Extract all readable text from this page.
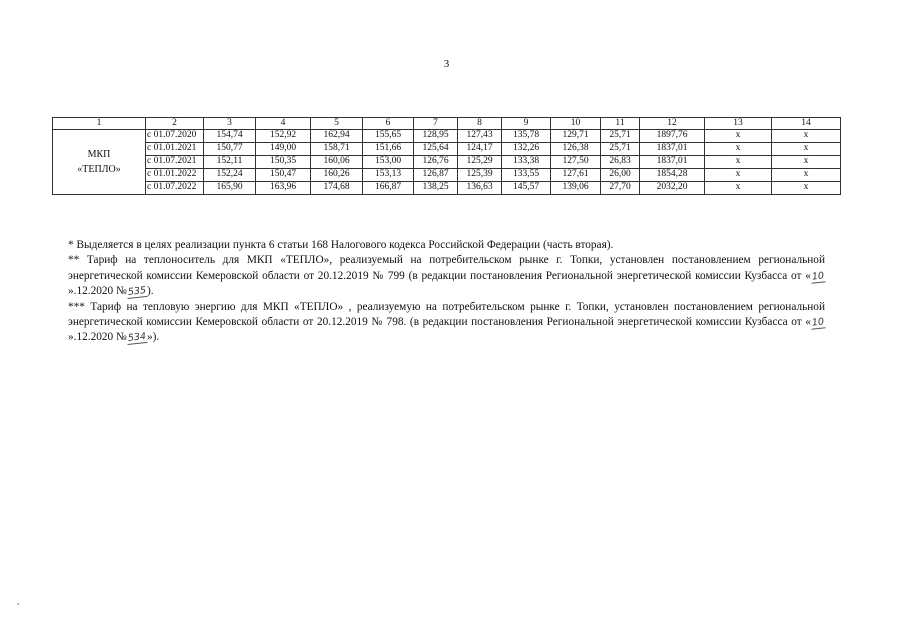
3
1	2	3	4	5	6	7	8	9	10	11	12	13	14
МКП
«ТЕПЛО»	с 01.07.2020	154,74	152,92	162,94	155,65	128,95	127,43	135,78	129,71	25,71	1897,76	х	х
	с 01.01.2021	150,77	149,00	158,71	151,66	125,64	124,17	132,26	126,38	25,71	1837,01	х	х
	с 01.07.2021	152,11	150,35	160,06	153,00	126,76	125,29	133,38	127,50	26,83	1837,01	х	х
	с 01.01.2022	152,24	150,47	160,26	153,13	126,87	125,39	133,55	127,61	26,00	1854,28	х	х
	с 01.07.2022	165,90	163,96	174,68	166,87	138,25	136,63	145,57	139,06	27,70	2032,20	х	х

* Выделяется в целях реализации пункта 6 статьи 168 Налогового кодекса Российской Федерации (часть вторая).

** Тариф на теплоноситель для МКП «ТЕПЛО», реализуемый на потребительском рынке г. Топки, установлен постановлением региональной энергетической комиссии Кемеровской области от 20.12.2019 № 799 (в редакции постановления Региональной энергетической комиссии Кузбасса от «10».12.2020 №535).

*** Тариф на тепловую энергию для МКП «ТЕПЛО» , реализуемую на потребительском рынке г. Топки, установлен постановлением региональной энергетической комиссии Кемеровской области от 20.12.2019 № 798. (в редакции постановления Региональной энергетической комиссии Кузбасса от «10».12.2020 №534»).
